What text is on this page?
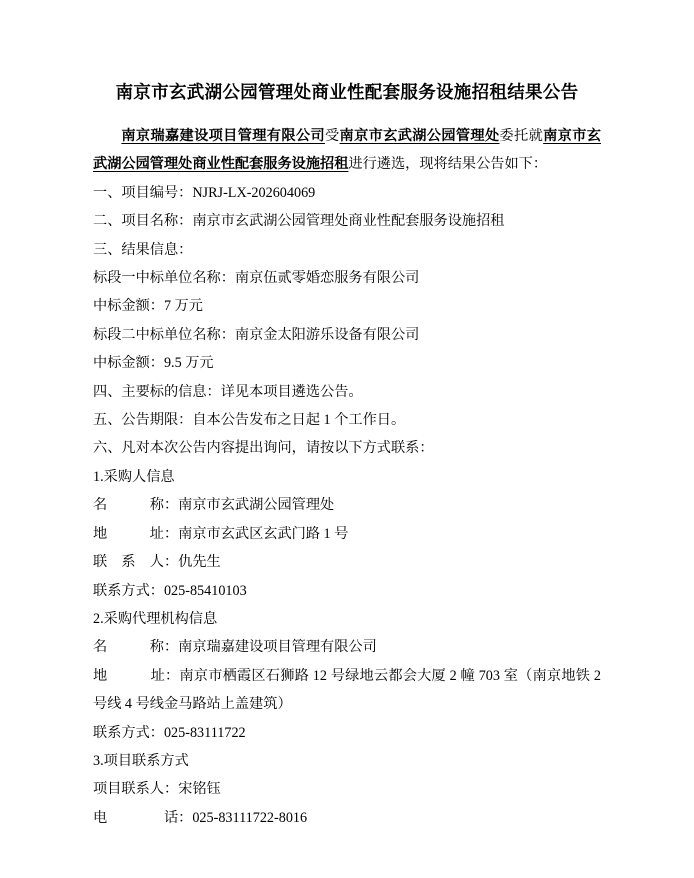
南京市玄武湖公园管理处商业性配套服务设施招租结果公告

南京瑞嘉建设项目管理有限公司受南京市玄武湖公园管理处委托就南京市玄武湖公园管理处商业性配套服务设施招租进行遴选，现将结果公告如下：

一、项目编号：NJRJ-LX-202604069
二、项目名称：南京市玄武湖公园管理处商业性配套服务设施招租
三、结果信息：
标段一中标单位名称：南京伍贰零婚恋服务有限公司
中标金额：7 万元
标段二中标单位名称：南京金太阳游乐设备有限公司
中标金额：9.5 万元
四、主要标的信息：详见本项目遴选公告。
五、公告期限：自本公告发布之日起 1 个工作日。
六、凡对本次公告内容提出询问，请按以下方式联系：
1.采购人信息
名　　　称：南京市玄武湖公园管理处
地　　　址：南京市玄武区玄武门路 1 号
联　系　人：仇先生
联系方式：025-85410103
2.采购代理机构信息
名　　　称：南京瑞嘉建设项目管理有限公司
地　　　址：南京市栖霞区石狮路 12 号绿地云都会大厦 2 幢 703 室（南京地铁 2 号线 4 号线金马路站上盖建筑）
联系方式：025-83111722
3.项目联系方式
项目联系人：宋铭钰
电　　　　话：025-83111722-8016
